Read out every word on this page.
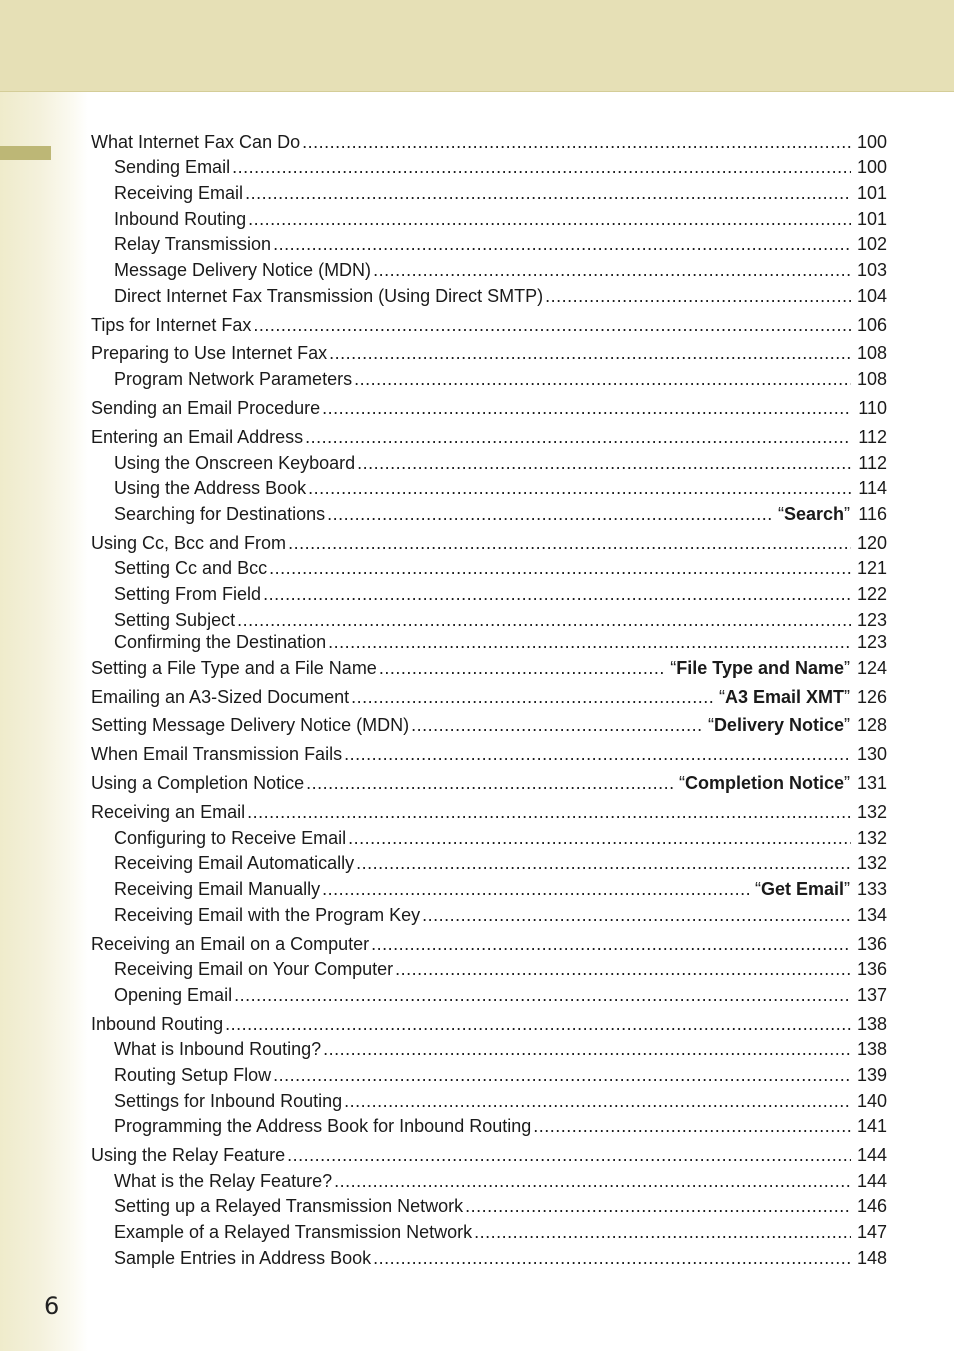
What Internet Fax Can Do .....	100
Sending Email .....	100
Receiving Email .....	101
Inbound Routing .....	101
Relay Transmission .....	102
Message Delivery Notice (MDN) .....	103
Direct Internet Fax Transmission (Using Direct SMTP) .....	104
Tips for Internet Fax .....	106
Preparing to Use Internet Fax .....	108
Program Network Parameters .....	108
Sending an Email Procedure .....	110
Entering an Email Address .....	112
Using the Onscreen Keyboard .....	112
Using the Address Book .....	114
Searching for Destinations .....	“Search” 116
Using Cc, Bcc and From .....	120
Setting Cc and Bcc .....	121
Setting From Field .....	122
Setting Subject .....	123
Confirming the Destination .....	123
Setting a File Type and a File Name .....	“File Type and Name” 124
Emailing an A3-Sized Document .....	“A3 Email XMT” 126
Setting Message Delivery Notice (MDN) .....	“Delivery Notice” 128
When Email Transmission Fails .....	130
Using a Completion Notice .....	“Completion Notice” 131
Receiving an Email .....	132
Configuring to Receive Email .....	132
Receiving Email Automatically .....	132
Receiving Email Manually .....	“Get Email” 133
Receiving Email with the Program Key .....	134
Receiving an Email on a Computer .....	136
Receiving Email on Your Computer .....	136
Opening Email .....	137
Inbound Routing .....	138
What is Inbound Routing? .....	138
Routing Setup Flow .....	139
Settings for Inbound Routing .....	140
Programming the Address Book for Inbound Routing .....	141
Using the Relay Feature .....	144
What is the Relay Feature? .....	144
Setting up a Relayed Transmission Network .....	146
Example of a Relayed Transmission Network .....	147
Sample Entries in Address Book .....	148
6
